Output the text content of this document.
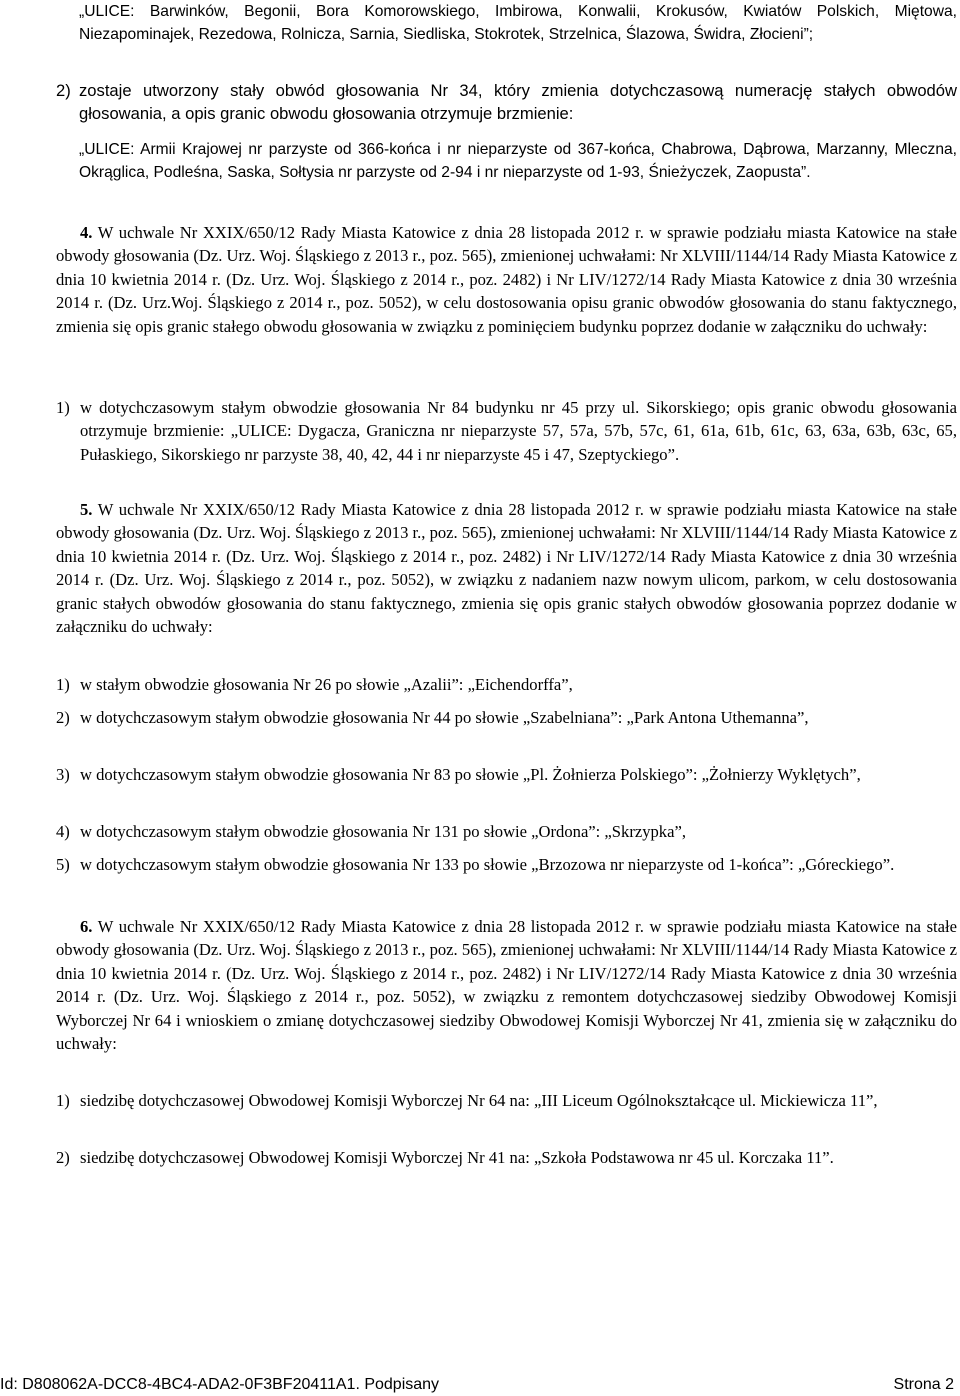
„ULICE: Barwinków, Begonii, Bora Komorowskiego, Imbirowa, Konwalii, Krokusów, Kwiatów Polskich, Miętowa, Niezapominajek, Rezedowa, Rolnicza, Sarnia, Siedliska, Stokrotek, Strzelnica, Ślazowa, Świdra, Złocieni”;
2) zostaje utworzony stały obwód głosowania Nr 34, który zmienia dotychczasową numerację stałych obwodów głosowania, a opis granic obwodu głosowania otrzymuje brzmienie:
„ULICE: Armii Krajowej nr parzyste od 366-końca i nr nieparzyste od 367-końca, Chabrowa, Dąbrowa, Marzanny, Mleczna, Okrąglica, Podleśna, Saska, Sołtysia nr parzyste od 2-94 i nr nieparzyste od 1-93, Śnieżyczek, Zaopusta”.
4. W uchwale Nr XXIX/650/12 Rady Miasta Katowice z dnia 28 listopada 2012 r. w sprawie podziału miasta Katowice na stałe obwody głosowania (Dz. Urz. Woj. Śląskiego z 2013 r., poz. 565), zmienionej uchwałami: Nr XLVIII/1144/14 Rady Miasta Katowice z dnia 10 kwietnia 2014 r. (Dz. Urz. Woj. Śląskiego z 2014 r., poz. 2482) i Nr LIV/1272/14 Rady Miasta Katowice z dnia 30 września 2014 r. (Dz. Urz.Woj. Śląskiego z 2014 r., poz. 5052), w celu dostosowania opisu granic obwodów głosowania do stanu faktycznego, zmienia się opis granic stałego obwodu głosowania w związku z pominięciem budynku poprzez dodanie w załączniku do uchwały:
1) w dotychczasowym stałym obwodzie głosowania Nr 84 budynku nr 45 przy ul. Sikorskiego; opis granic obwodu głosowania otrzymuje brzmienie: „ULICE: Dygacza, Graniczna nr nieparzyste 57, 57a, 57b, 57c, 61, 61a, 61b, 61c, 63, 63a, 63b, 63c, 65, Pułaskiego, Sikorskiego nr parzyste 38, 40, 42, 44 i nr nieparzyste 45 i 47, Szeptyckiego”.
5. W uchwale Nr XXIX/650/12 Rady Miasta Katowice z dnia 28 listopada 2012 r. w sprawie podziału miasta Katowice na stałe obwody głosowania (Dz. Urz. Woj. Śląskiego z 2013 r., poz. 565), zmienionej uchwałami: Nr XLVIII/1144/14 Rady Miasta Katowice z dnia 10 kwietnia 2014 r. (Dz. Urz. Woj. Śląskiego z 2014 r., poz. 2482) i Nr LIV/1272/14 Rady Miasta Katowice z dnia 30 września 2014 r. (Dz. Urz. Woj. Śląskiego z 2014 r., poz. 5052), w związku z nadaniem nazw nowym ulicom, parkom, w celu dostosowania granic stałych obwodów głosowania do stanu faktycznego, zmienia się opis granic stałych obwodów głosowania poprzez dodanie w załączniku do uchwały:
1) w stałym obwodzie głosowania Nr 26 po słowie „Azalii”: „Eichendorffa”,
2) w dotychczasowym stałym obwodzie głosowania Nr 44 po słowie „Szabelniana”: „Park Antona Uthemanna”,
3) w dotychczasowym stałym obwodzie głosowania Nr 83 po słowie „Pl. Żołnierza Polskiego”: „Żołnierzy Wyklętych”,
4) w dotychczasowym stałym obwodzie głosowania Nr 131 po słowie „Ordona”: „Skrzypka”,
5) w dotychczasowym stałym obwodzie głosowania Nr 133 po słowie „Brzozowa nr nieparzyste od 1-końca”: „Góreckiego”.
6. W uchwale Nr XXIX/650/12 Rady Miasta Katowice z dnia 28 listopada 2012 r. w sprawie podziału miasta Katowice na stałe obwody głosowania (Dz. Urz. Woj. Śląskiego z 2013 r., poz. 565), zmienionej uchwałami: Nr XLVIII/1144/14 Rady Miasta Katowice z dnia 10 kwietnia 2014 r. (Dz. Urz. Woj. Śląskiego z 2014 r., poz. 2482) i Nr LIV/1272/14 Rady Miasta Katowice z dnia 30 września 2014 r. (Dz. Urz. Woj. Śląskiego z 2014 r., poz. 5052), w związku z remontem dotychczasowej siedziby Obwodowej Komisji Wyborczej Nr 64 i wnioskiem o zmianę dotychczasowej siedziby Obwodowej Komisji Wyborczej Nr 41, zmienia się w załączniku do uchwały:
1) siedzibę dotychczasowej Obwodowej Komisji Wyborczej Nr 64 na: „III Liceum Ogólnokształcące ul. Mickiewicza 11”,
2) siedzibę dotychczasowej Obwodowej Komisji Wyborczej Nr 41 na: „Szkoła Podstawowa nr 45 ul. Korczaka 11”.
Id: D808062A-DCC8-4BC4-ADA2-0F3BF20411A1. Podpisany	Strona 2
